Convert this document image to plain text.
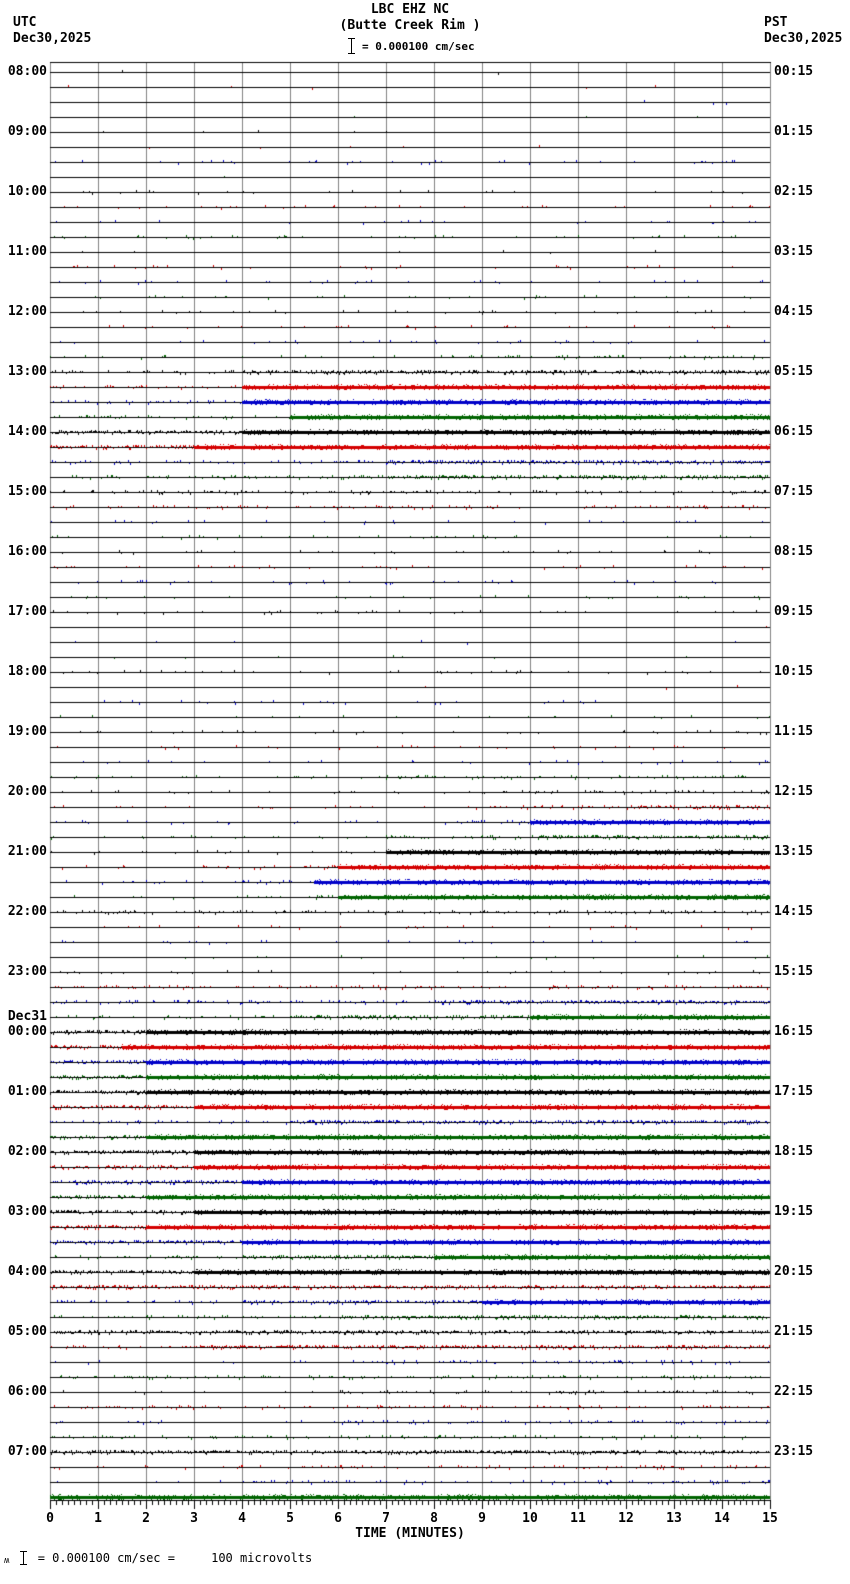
08:00	00:15
09:00	01:15
10:00	02:15
11:00	03:15
12:00	04:15
13:00	05:15
14:00	06:15
15:00	07:15
16:00	08:15
17:00	09:15
18:00	10:15
19:00	11:15
20:00	12:15
21:00	13:15
22:00	14:15
23:00	15:15
00:00
Dec31
16:15
01:00	17:15
02:00	18:15
03:00	19:15
04:00	20:15
05:00	21:15
06:00	22:15
07:00	23:15
0	1	2	3	4	5	6	7	8	9	10	11	12	13	14	15
TIME (MINUTES)
ʍ = 0.000100 cm/sec =     100 microvolts
